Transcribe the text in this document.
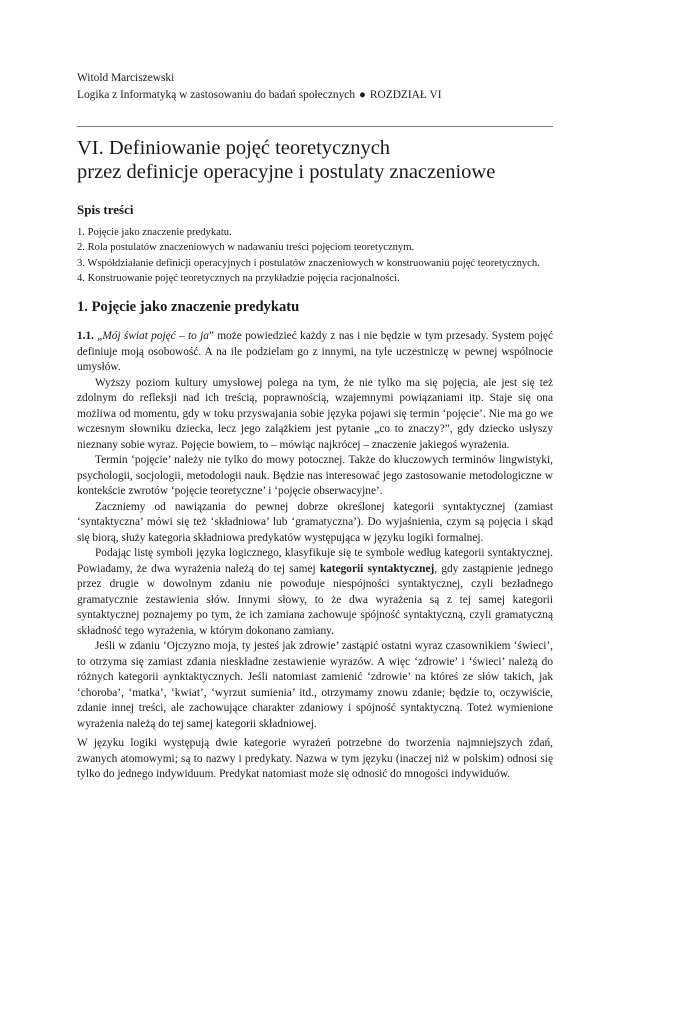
Witold Marciszewski
Logika z Informatyką w zastosowaniu do badań społecznych ● ROZDZIAŁ VI
VI. Definiowanie pojęć teoretycznych
przez definicje operacyjne i postulaty znaczeniowe
Spis treści

1. Pojęcie jako znaczenie predykatu.

2. Rola postulatów znaczeniowych w nadawaniu treści pojęciom teoretycznym.

3. Współdziałanie definicji operacyjnych i postulatów znaczeniowych w konstruowaniu pojęć teoretycznych.

4. Konstruowanie pojęć teoretycznych na przykładzie pojęcia racjonalności.

1. Pojęcie jako znaczenie predykatu

1.1. „Mój świat pojęć – to ja” może powiedzieć każdy z nas i nie będzie w tym przesady. System pojęć definiuje moją osobowość. A na ile podzielam go z innymi, na tyle uczestniczę w pewnej wspólnocie umysłów.

Wyższy poziom kultury umysłowej polega na tym, że nie tylko ma się pojęcia, ale jest się też zdolnym do refleksji nad ich treścią, poprawnością, wzajemnymi powiązaniami itp. Staje się ona możliwa od momentu, gdy w toku przyswajania sobie języka pojawi się termin ‘pojęcie’. Nie ma go we wczesnym słowniku dziecka, lecz jego zalążkiem jest pytanie „co to znaczy?”, gdy dziecko usłyszy nieznany sobie wyraz. Pojęcie bowiem, to – mówiąc najkrócej – znaczenie jakiegoś wyrażenia.

Termin ‘pojęcie’ należy nie tylko do mowy potocznej. Także do kluczowych terminów lingwistyki, psychologii, socjologii, metodologii nauk. Będzie nas interesować jego zastosowanie metodologiczne w kontekście zwrotów ‘pojęcie teoretyczne’ i ‘pojęcie obserwacyjne’.

Zaczniemy od nawiązania do pewnej dobrze określonej kategorii syntaktycznej (zamiast ‘syntaktyczna’ mówi się też ‘składniowa’ lub ‘gramatyczna’). Do wyjaśnienia, czym są pojęcia i skąd się biorą, służy kategoria składniowa predykatów występująca w języku logiki formalnej.

Podając listę symboli języka logicznego, klasyfikuje się te symbole według kategorii syntaktycznej. Powiadamy, że dwa wyrażenia należą do tej samej kategorii syntaktycznej, gdy zastąpienie jednego przez drugie w dowolnym zdaniu nie powoduje niespójności syntaktycznej, czyli bezładnego gramatycznie zestawienia słów. Innymi słowy, to że dwa wyrażenia są z tej samej kategorii syntaktycznej poznajemy po tym, że ich zamiana zachowuje spójność syntaktyczną, czyli gramatyczną składność tego wyrażenia, w którym dokonano zamiany.

Jeśli w zdaniu ‘Ojczyzno moja, ty jesteś jak zdrowie’ zastąpić ostatni wyraz czasownikiem ‘świeci’, to otrzyma się zamiast zdania nieskładne zestawienie wyrazów. A więc ‘zdrowie’ i ‘świeci’ należą do różnych kategorii aynktaktycznych. Jeśli natomiast zamienić ‘zdrowie’ na któreś ze słów takich, jak ‘choroba’, ‘matka’, ‘kwiat’, ‘wyrzut sumienia’ itd., otrzymamy znowu zdanie; będzie to, oczywiście, zdanie innej treści, ale zachowujące charakter zdaniowy i spójność syntaktyczną. Toteż wymienione wyrażenia należą do tej samej kategorii składniowej.

W języku logiki występują dwie kategorie wyrażeń potrzebne do tworzenia najmniejszych zdań, zwanych atomowymi; są to nazwy i predykaty. Nazwa w tym języku (inaczej niż w polskim) odnosi się tylko do jednego indywiduum. Predykat natomiast może się odnosić do mnogości indywiduów.
